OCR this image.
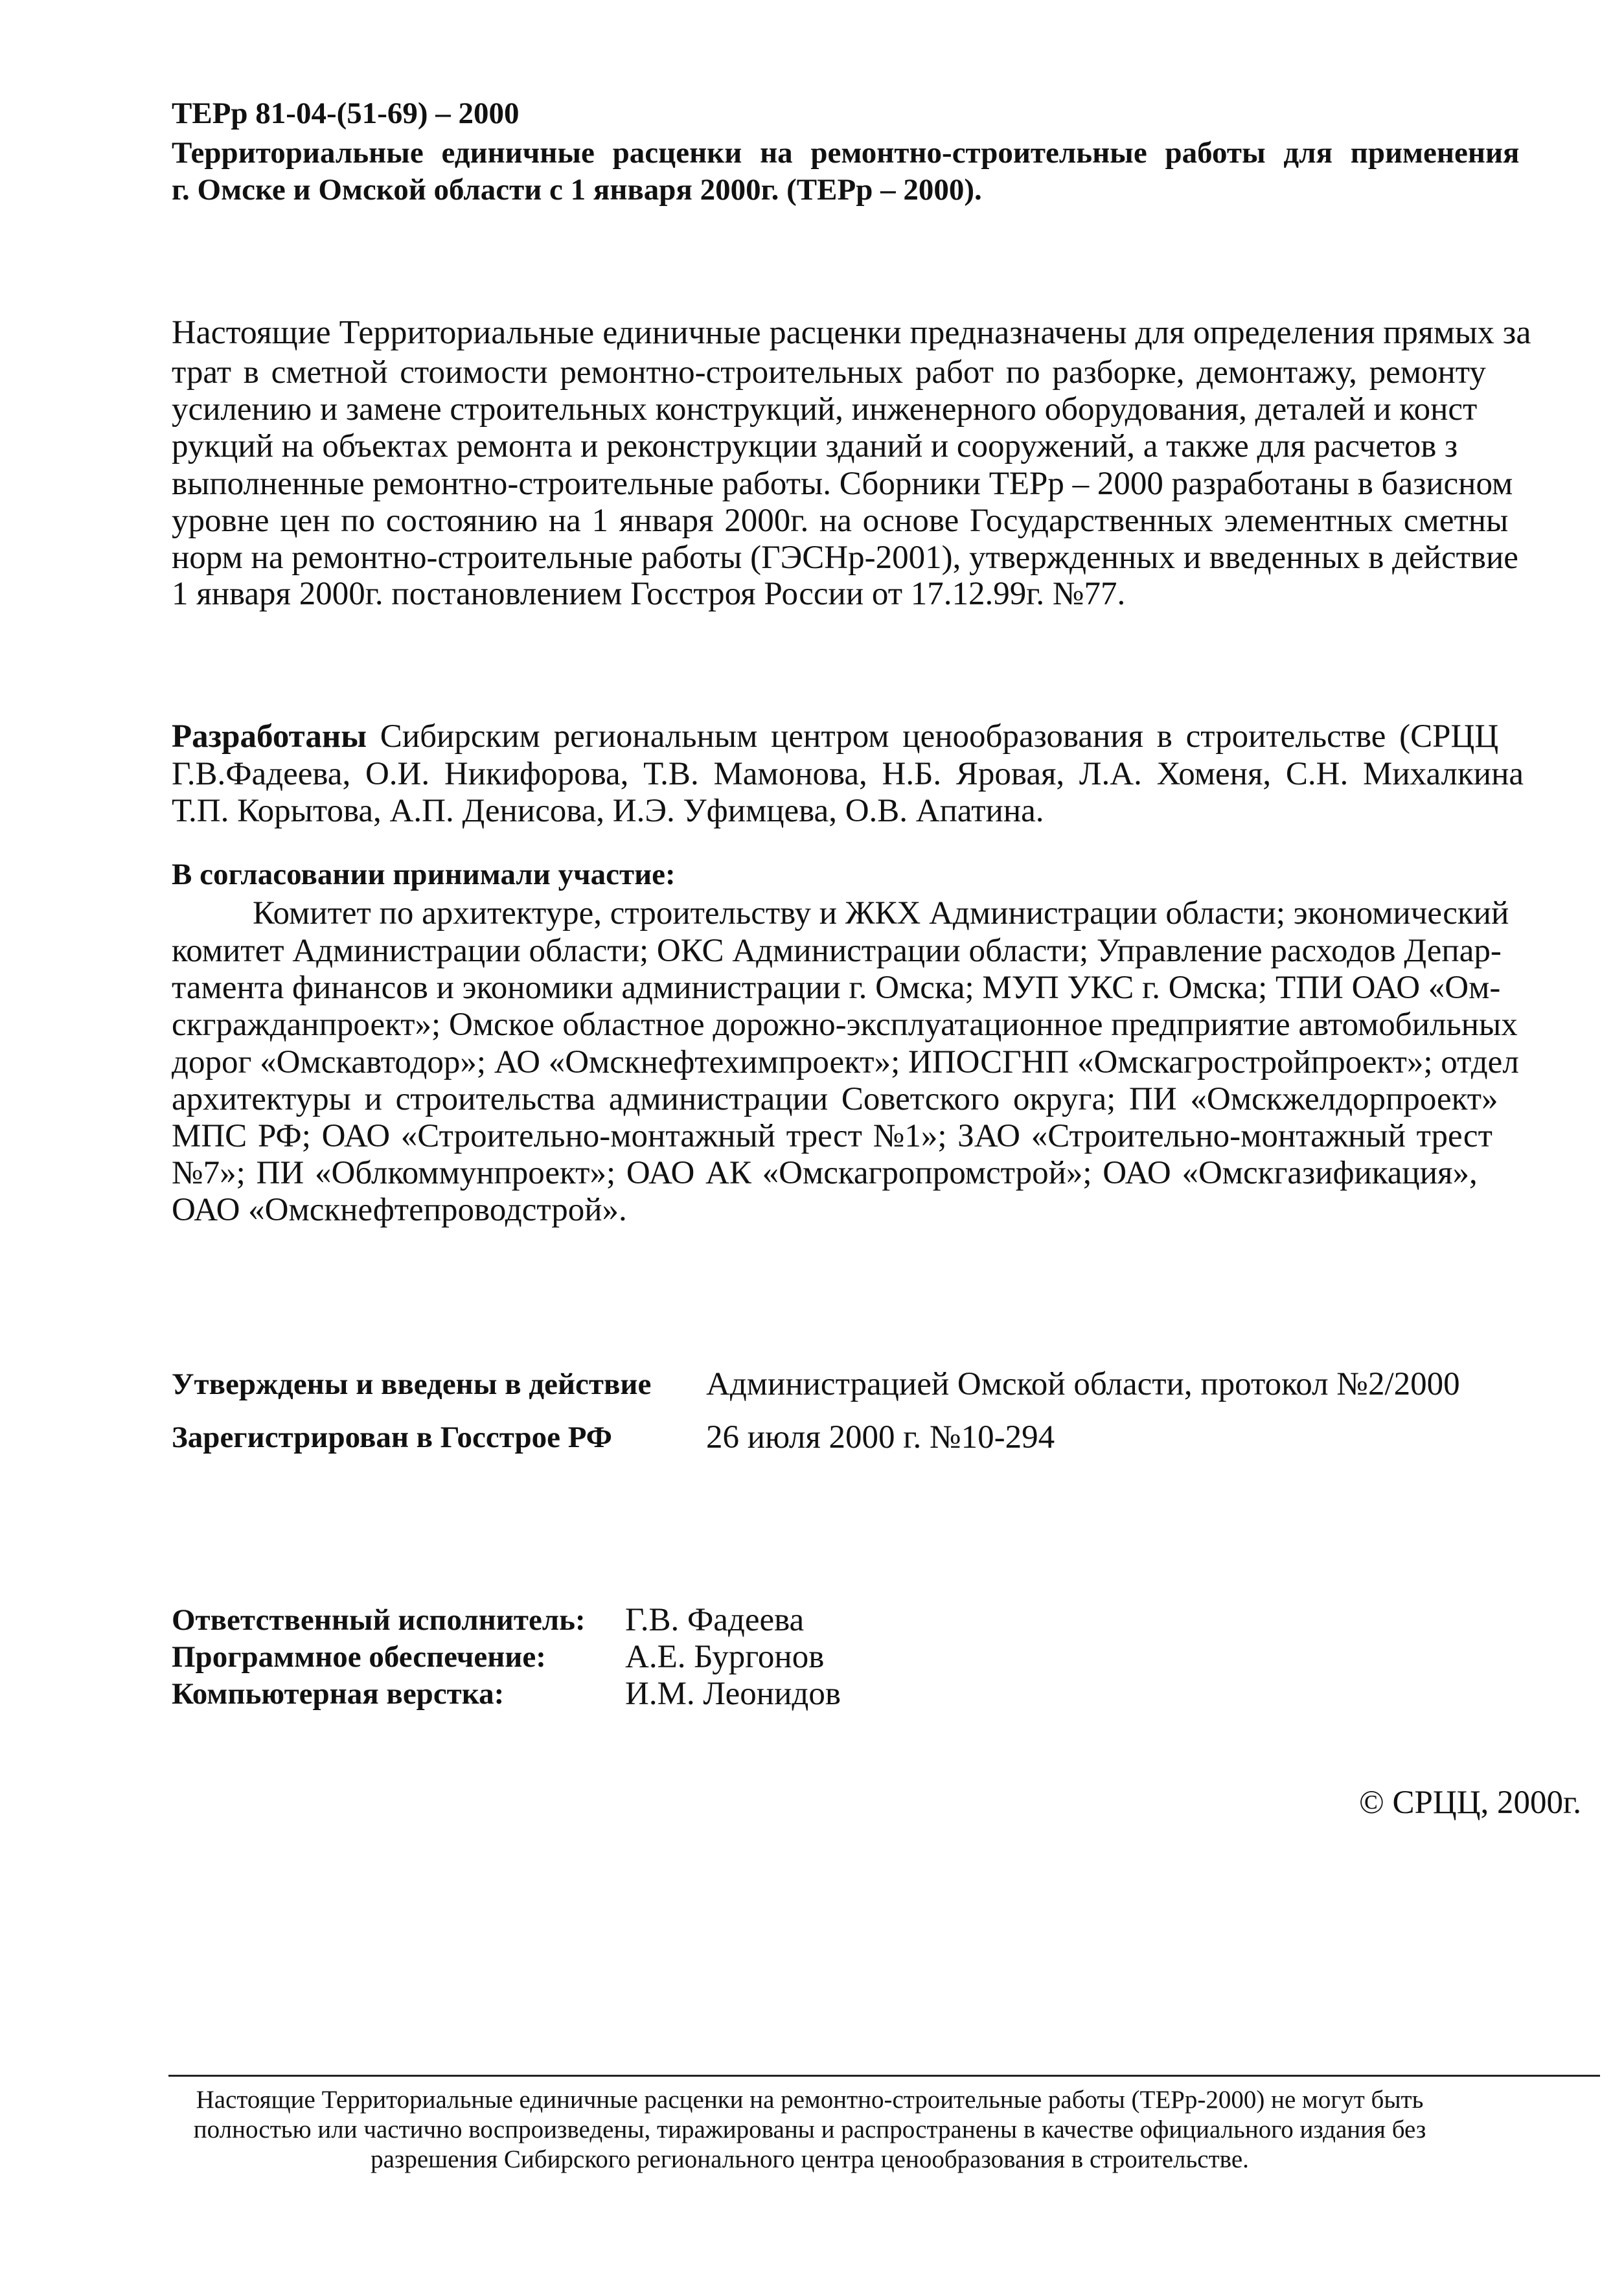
ТЕРр 81-04-(51-69) – 2000
Территориальные единичные расценки на ремонтно-строительные работы для применения
г. Омске и Омской области с 1 января 2000г. (ТЕРр – 2000).
Настоящие Территориальные единичные расценки предназначены для определения прямых за
трат в сметной стоимости ремонтно-строительных работ по разборке, демонтажу, ремонту
усилению и замене строительных конструкций, инженерного оборудования, деталей и конст
рукций на объектах ремонта и реконструкции зданий и сооружений, а также для расчетов з
выполненные ремонтно-строительные работы. Сборники ТЕРр – 2000 разработаны в базисном
уровне цен по состоянию на 1 января 2000г. на основе Государственных элементных сметны
норм на ремонтно-строительные работы (ГЭСНр-2001), утвержденных и введенных в действие
1 января 2000г. постановлением Госстроя России от 17.12.99г. №77.
Разработаны Сибирским региональным центром ценообразования в строительстве (СРЦЦ
Г.В.Фадеева, О.И. Никифорова, Т.В. Мамонова, Н.Б. Яровая, Л.А. Хоменя, С.Н. Михалкина
Т.П. Корытова, А.П. Денисова, И.Э. Уфимцева, О.В. Апатина.
В согласовании принимали участие:
Комитет по архитектуре, строительству и ЖКХ Администрации области; экономический
комитет Администрации области; ОКС Администрации области; Управление расходов Депар-
тамента финансов и экономики администрации г. Омска; МУП УКС г. Омска; ТПИ ОАО «Ом-
скгражданпроект»; Омское областное дорожно-эксплуатационное предприятие автомобильных
дорог «Омскавтодор»; АО «Омскнефтехимпроект»; ИПОСГНП «Омскагростройпроект»; отдел
архитектуры и строительства администрации Советского округа; ПИ «Омскжелдорпроект»
МПС РФ; ОАО «Строительно-монтажный трест №1»; ЗАО «Строительно-монтажный трест
№7»; ПИ «Облкоммунпроект»; ОАО АК «Омскагропромстрой»; ОАО «Омскгазификация»,
ОАО «Омскнефтепроводстрой».
Утверждены и введены в действие Администрацией Омской области, протокол №2/2000
Зарегистрирован в Госстрое РФ	26 июля 2000 г. №10-294
Ответственный исполнитель: Г.В. Фадеева
Программное обеспечение: А.Е. Бургонов
Компьютерная верстка:	И.М. Леонидов
© СРЦЦ, 2000г.
Настоящие Территориальные единичные расценки на ремонтно-строительные работы (ТЕРр-2000) не могут быть
полностью или частично воспроизведены, тиражированы и распространены в качестве официального издания без
разрешения Сибирского регионального центра ценообразования в строительстве.
